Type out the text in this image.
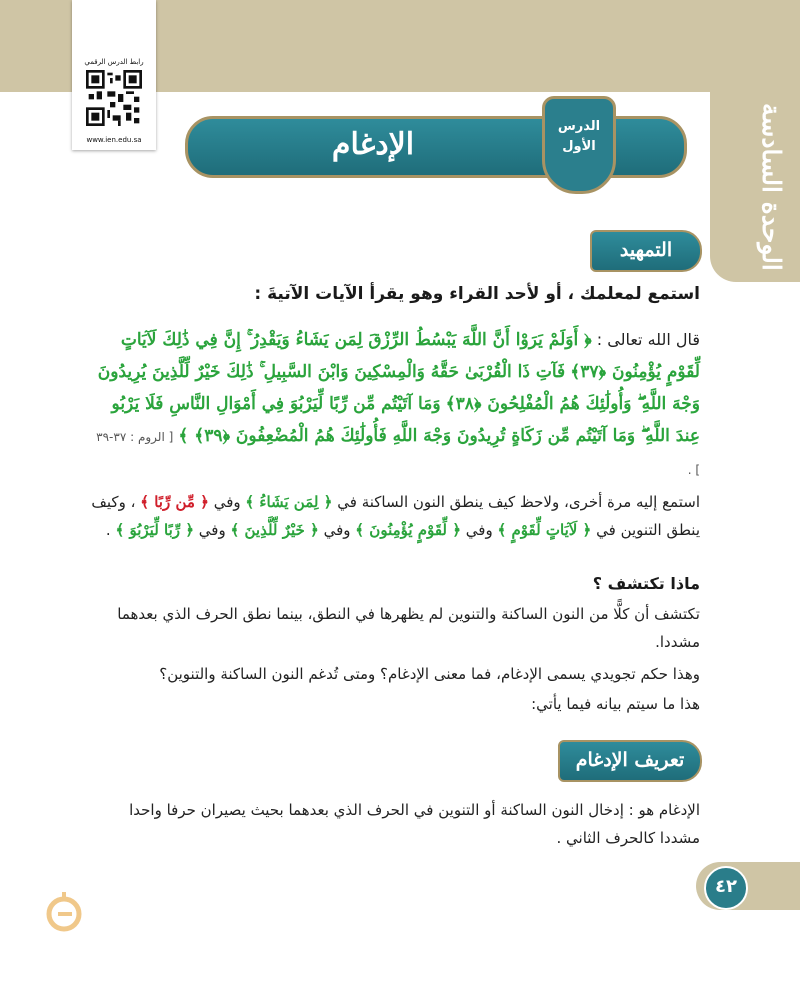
الوحدة السادسة
رابط الدرس الرقمي
www.ien.edu.sa	الإدغام
الدرس
الأول
التمهيد
استمع لمعلمك ، أو لأحد القراء وهو يقرأ الآيات الآتيةَ :
قال الله تعالى : ﴿ أَوَلَمْ يَرَوْا أَنَّ اللَّهَ يَبْسُطُ الرِّزْقَ لِمَن يَشَاءُ وَيَقْدِرُ ۚ إِنَّ فِي ذَٰلِكَ لَآيَاتٍ لِّقَوْمٍ يُؤْمِنُونَ ﴿٣٧﴾ فَآتِ ذَا الْقُرْبَىٰ حَقَّهُ وَالْمِسْكِينَ وَابْنَ السَّبِيلِ ۚ ذَٰلِكَ خَيْرٌ لِّلَّذِينَ يُرِيدُونَ وَجْهَ اللَّهِ ۖ وَأُولَٰئِكَ هُمُ الْمُفْلِحُونَ ﴿٣٨﴾ وَمَا آتَيْتُم مِّن رِّبًا لِّيَرْبُوَ فِي أَمْوَالِ النَّاسِ فَلَا يَرْبُو عِندَ اللَّهِ ۖ وَمَا آتَيْتُم مِّن زَكَاةٍ تُرِيدُونَ وَجْهَ اللَّهِ فَأُولَٰئِكَ هُمُ الْمُضْعِفُونَ ﴿٣٩﴾ ﴾ [ الروم : ٣٧-٣٩ ] .
استمع إليه مرة أخرى، ولاحظ كيف ينطق النون الساكنة في ﴿ لِمَن يَشَاءُ ﴾ وفي ﴿ مِّن رِّبًا ﴾ ، وكيف ينطق التنوين في ﴿ لَآيَاتٍ لِّقَوْمٍ ﴾ وفي ﴿ لِّقَوْمٍ يُؤْمِنُونَ ﴾ وفي ﴿ خَيْرٌ لِّلَّذِينَ ﴾ وفي ﴿ رِّبًا لِّيَرْبُوَ ﴾ .
ماذا تكتشف ؟
تكتشف أن كلًّا من النون الساكنة والتنوين لم يظهرها في النطق، بينما نطق الحرف الذي بعدهما مشددا.
وهذا حكم تجويدي يسمى الإدغام، فما معنى الإدغام؟ ومتى تُدغم النون الساكنة والتنوين؟
هذا ما سيتم بيانه فيما يأتي:
تعريف الإدغام
الإدغام هو : إدخال النون الساكنة أو التنوين في الحرف الذي بعدهما بحيث يصيران حرفا واحدا مشددا كالحرف الثاني .
٤٢
